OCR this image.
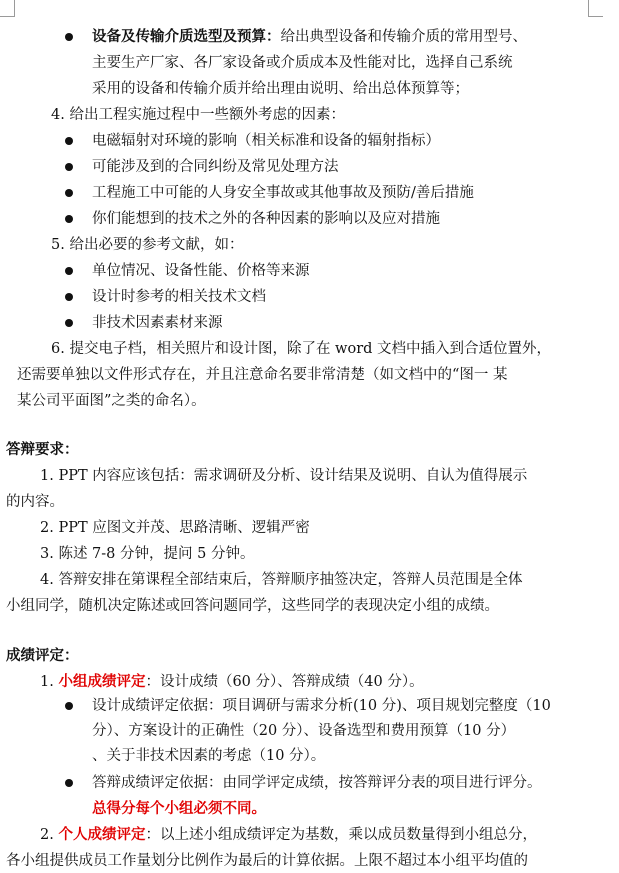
设备及传输介质选型及预算：给出典型设备和传输介质的常用型号、
主要生产厂家、各厂家设备或介质成本及性能对比，选择自己系统
采用的设备和传输介质并给出理由说明、给出总体预算等；
4. 给出工程实施过程中一些额外考虑的因素：
电磁辐射对环境的影响（相关标准和设备的辐射指标）
可能涉及到的合同纠纷及常见处理方法
工程施工中可能的人身安全事故或其他事故及预防/善后措施
你们能想到的技术之外的各种因素的影响以及应对措施
5. 给出必要的参考文献，如：
单位情况、设备性能、价格等来源
设计时参考的相关技术文档
非技术因素素材来源
6. 提交电子档，相关照片和设计图，除了在 word 文档中插入到合适位置外，
还需要单独以文件形式存在，并且注意命名要非常清楚（如文档中的“图一 某
某公司平面图”之类的命名）。
答辩要求：
1. PPT 内容应该包括：需求调研及分析、设计结果及说明、自认为值得展示
的内容。
2. PPT 应图文并茂、思路清晰、逻辑严密
3. 陈述 7-8 分钟，提问 5 分钟。
4. 答辩安排在第课程全部结束后，答辩顺序抽签决定，答辩人员范围是全体
小组同学，随机决定陈述或回答问题同学，这些同学的表现决定小组的成绩。
成绩评定：
1. 小组成绩评定：设计成绩（60 分）、答辩成绩（40 分）。
设计成绩评定依据：项目调研与需求分析(10 分)、项目规划完整度（10
分）、方案设计的正确性（20 分）、设备选型和费用预算（10 分）
、关于非技术因素的考虑（10 分）。
答辩成绩评定依据：由同学评定成绩，按答辩评分表的项目进行评分。
总得分每个小组必须不同。
2. 个人成绩评定：以上述小组成绩评定为基数，乘以成员数量得到小组总分，
各小组提供成员工作量划分比例作为最后的计算依据。上限不超过本小组平均值的
